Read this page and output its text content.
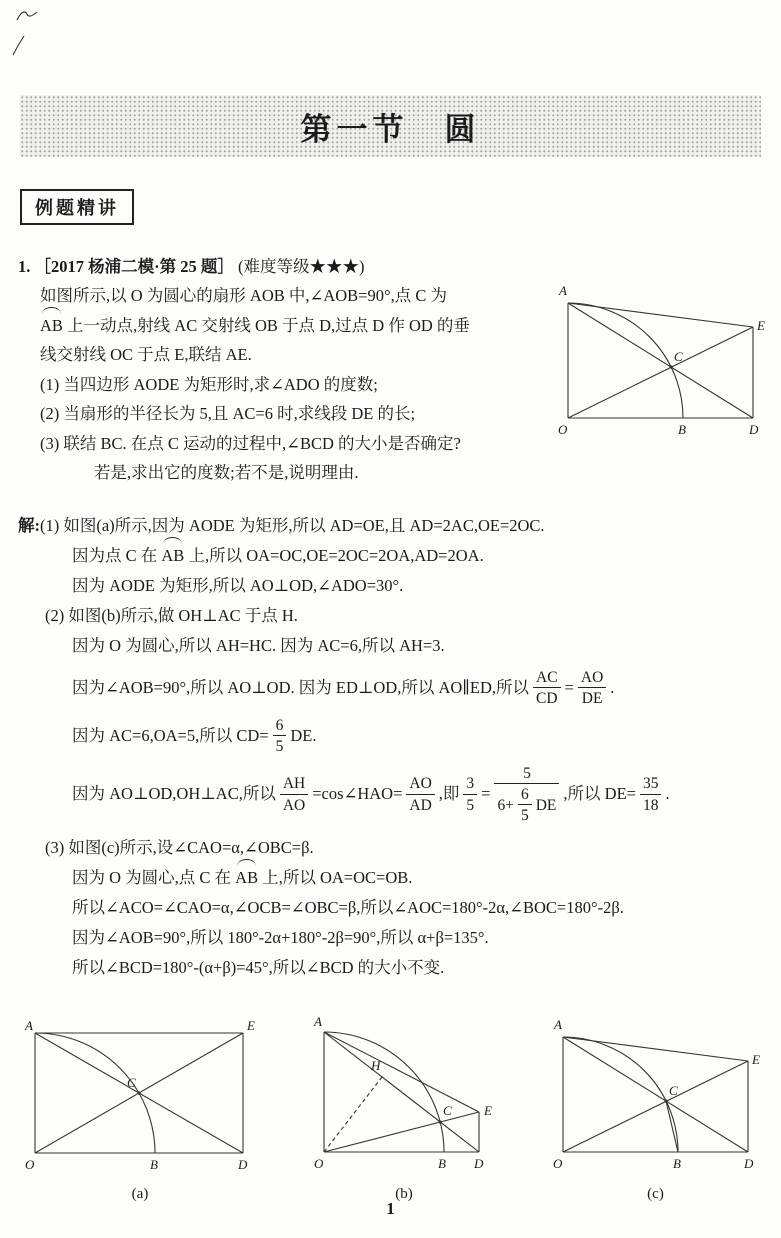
第一节　圆
例题精讲
1. ［2017 杨浦二模·第 25 题］ (难度等级★★★)
如图所示,以 O 为圆心的扇形 AOB 中,∠AOB=90°,点 C 为
AB 上一动点,射线 AC 交射线 OB 于点 D,过点 D 作 OD 的垂
线交射线 OC 于点 E,联结 AE.
(1) 当四边形 AODE 为矩形时,求∠ADO 的度数;
(2) 当扇形的半径长为 5,且 AC=6 时,求线段 DE 的长;
(3) 联结 BC. 在点 C 运动的过程中,∠BCD 的大小是否确定?
若是,求出它的度数;若不是,说明理由.
A
E
C
O	B	D
解:(1) 如图(a)所示,因为 AODE 为矩形,所以 AD=OE,且 AD=2AC,OE=2OC.
因为点 C 在 AB 上,所以 OA=OC,OE=2OC=2OA,AD=2OA.
因为 AODE 为矩形,所以 AO⊥OD,∠ADO=30°.
(2) 如图(b)所示,做 OH⊥AC 于点 H.
因为 O 为圆心,所以 AH=HC. 因为 AC=6,所以 AH=3.
因为∠AOB=90°,所以 AO⊥OD. 因为 ED⊥OD,所以 AO∥ED,所以 $\frac{AC}{CD} = \frac{AO}{DE}$ .
因为 AC=6,OA=5,所以 $CD= \frac{6}{5}$ DE.
因为 AO⊥OD,OH⊥AC,所以 $\frac{AH}{AO}$ =cos∠HAO= $\frac{AO}{AD}$ ,即 $\frac{3}{5} = \frac{5}{6+ \frac{6}{5} DE}$ ,所以 $DE= \frac{35}{18}$ .
(3) 如图(c)所示,设∠CAO=α,∠OBC=β.
因为 O 为圆心,点 C 在 AB 上,所以 OA=OC=OB.
所以∠ACO=∠CAO=α,∠OCB=∠OBC=β,所以∠AOC=180°-2α,∠BOC=180°-2β.
因为∠AOB=90°,所以 180°-2α+180°-2β=90°,所以 α+β=135°.
所以∠BCD=180°-(α+β)=45°,所以∠BCD 的大小不变.
A	E
C
O	B	D
(a)
A
H
C E
O	B D
(b)
A
E
C
O	B	D
(c)
1
